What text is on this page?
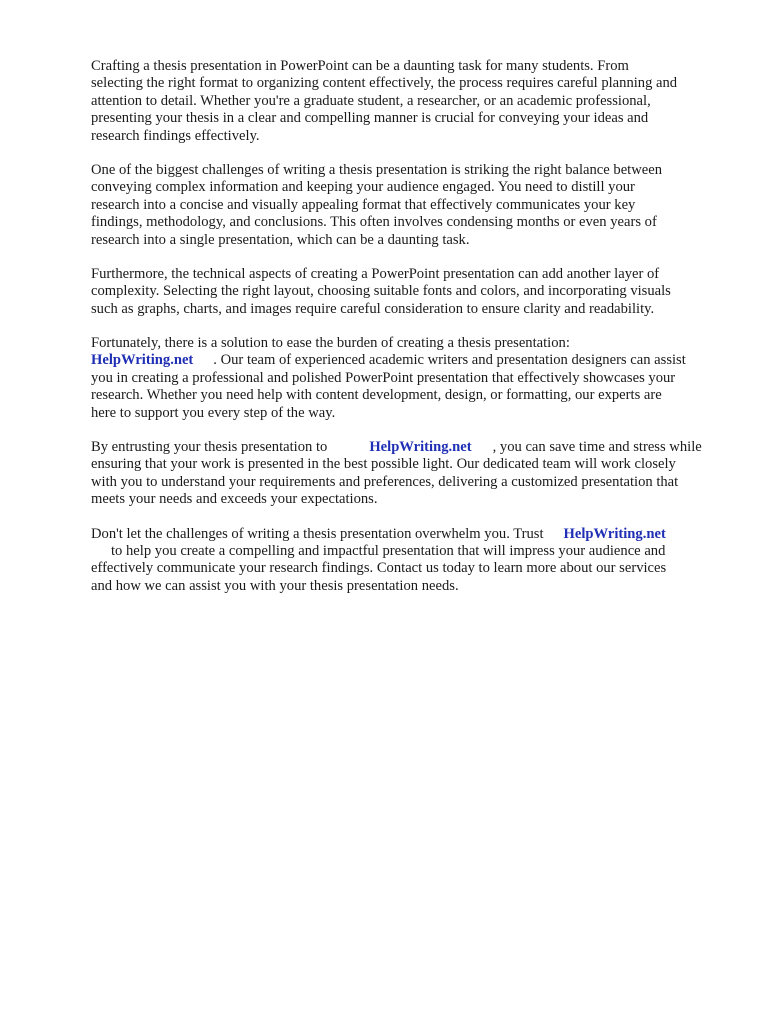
Crafting a thesis presentation in PowerPoint can be a daunting task for many students. From
selecting the right format to organizing content effectively, the process requires careful planning and
attention to detail. Whether you're a graduate student, a researcher, or an academic professional,
presenting your thesis in a clear and compelling manner is crucial for conveying your ideas and
research findings effectively.

One of the biggest challenges of writing a thesis presentation is striking the right balance between
conveying complex information and keeping your audience engaged. You need to distill your
research into a concise and visually appealing format that effectively communicates your key
findings, methodology, and conclusions. This often involves condensing months or even years of
research into a single presentation, which can be a daunting task.

Furthermore, the technical aspects of creating a PowerPoint presentation can add another layer of
complexity. Selecting the right layout, choosing suitable fonts and colors, and incorporating visuals
such as graphs, charts, and images require careful consideration to ensure clarity and readability.

Fortunately, there is a solution to ease the burden of creating a thesis presentation:
HelpWriting.net . Our team of experienced academic writers and presentation designers can assist
you in creating a professional and polished PowerPoint presentation that effectively showcases your
research. Whether you need help with content development, design, or formatting, our experts are
here to support you every step of the way.

By entrusting your thesis presentation to	HelpWriting.net , you can save time and stress while
ensuring that your work is presented in the best possible light. Our dedicated team will work closely
with you to understand your requirements and preferences, delivering a customized presentation that
meets your needs and exceeds your expectations.

Don't let the challenges of writing a thesis presentation overwhelm you. Trust HelpWriting.net
to help you create a compelling and impactful presentation that will impress your audience and
effectively communicate your research findings. Contact us today to learn more about our services
and how we can assist you with your thesis presentation needs.
